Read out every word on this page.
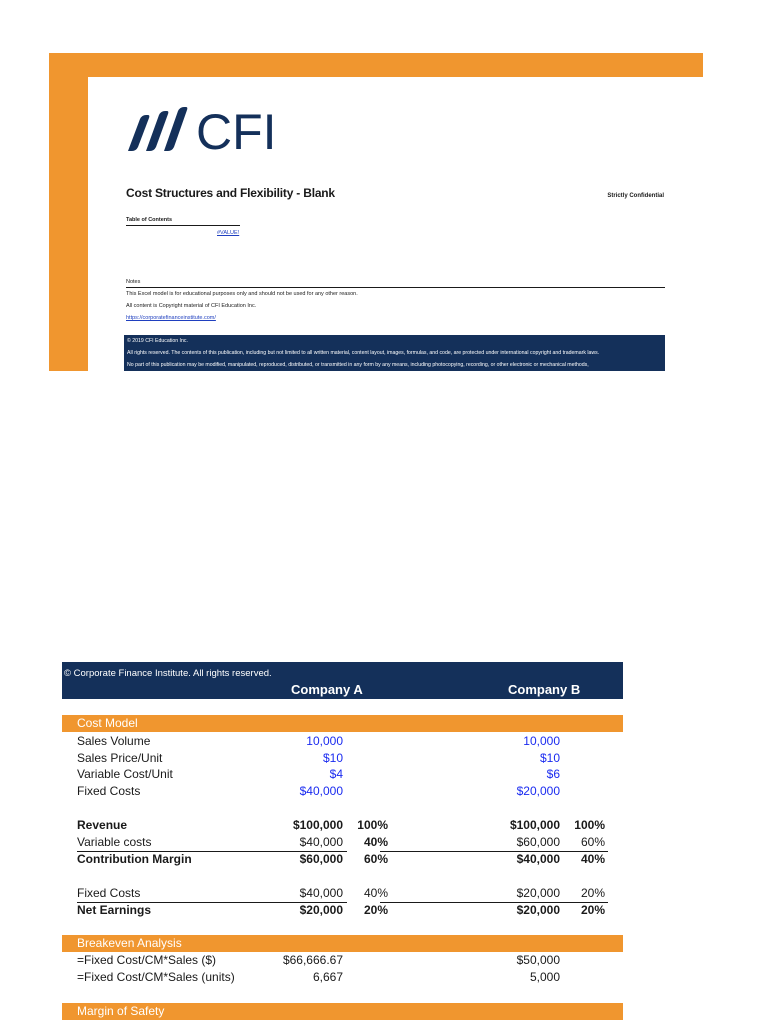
CFI
Cost Structures and Flexibility - Blank	Strictly Confidential
Table of Contents
#VALUE!
Notes
This Excel model is for educational purposes only and should not be used for any other reason.
All content is Copyright material of CFI Education Inc.
https://corporatefinanceinstitute.com/
© 2019 CFI Education Inc.
All rights reserved. The contents of this publication, including but not limited to all written material, content layout, images, formulas, and code, are protected under international copyright and trademark laws.
No part of this publication may be modified, manipulated, reproduced, distributed, or transmitted in any form by any means, including photocopying, recording, or other electronic or mechanical methods,
© Corporate Finance Institute. All rights reserved.
Company A	Company B
Cost Model
Sales Volume	10,000	10,000
Sales Price/Unit	$10	$10
Variable Cost/Unit	$4	$6
Fixed Costs	$40,000	$20,000
Revenue	$100,000 100%	$100,000 100%
Variable costs	$40,000 40%	$60,000 60%
Contribution Margin	$60,000 60%	$40,000 40%
Fixed Costs	$40,000 40%	$20,000 20%
Net Earnings	$20,000 20%	$20,000 20%
Breakeven Analysis
=Fixed Cost/CM*Sales ($)	$66,666.67	$50,000
=Fixed Cost/CM*Sales (units)	6,667	5,000
Margin of Safety
